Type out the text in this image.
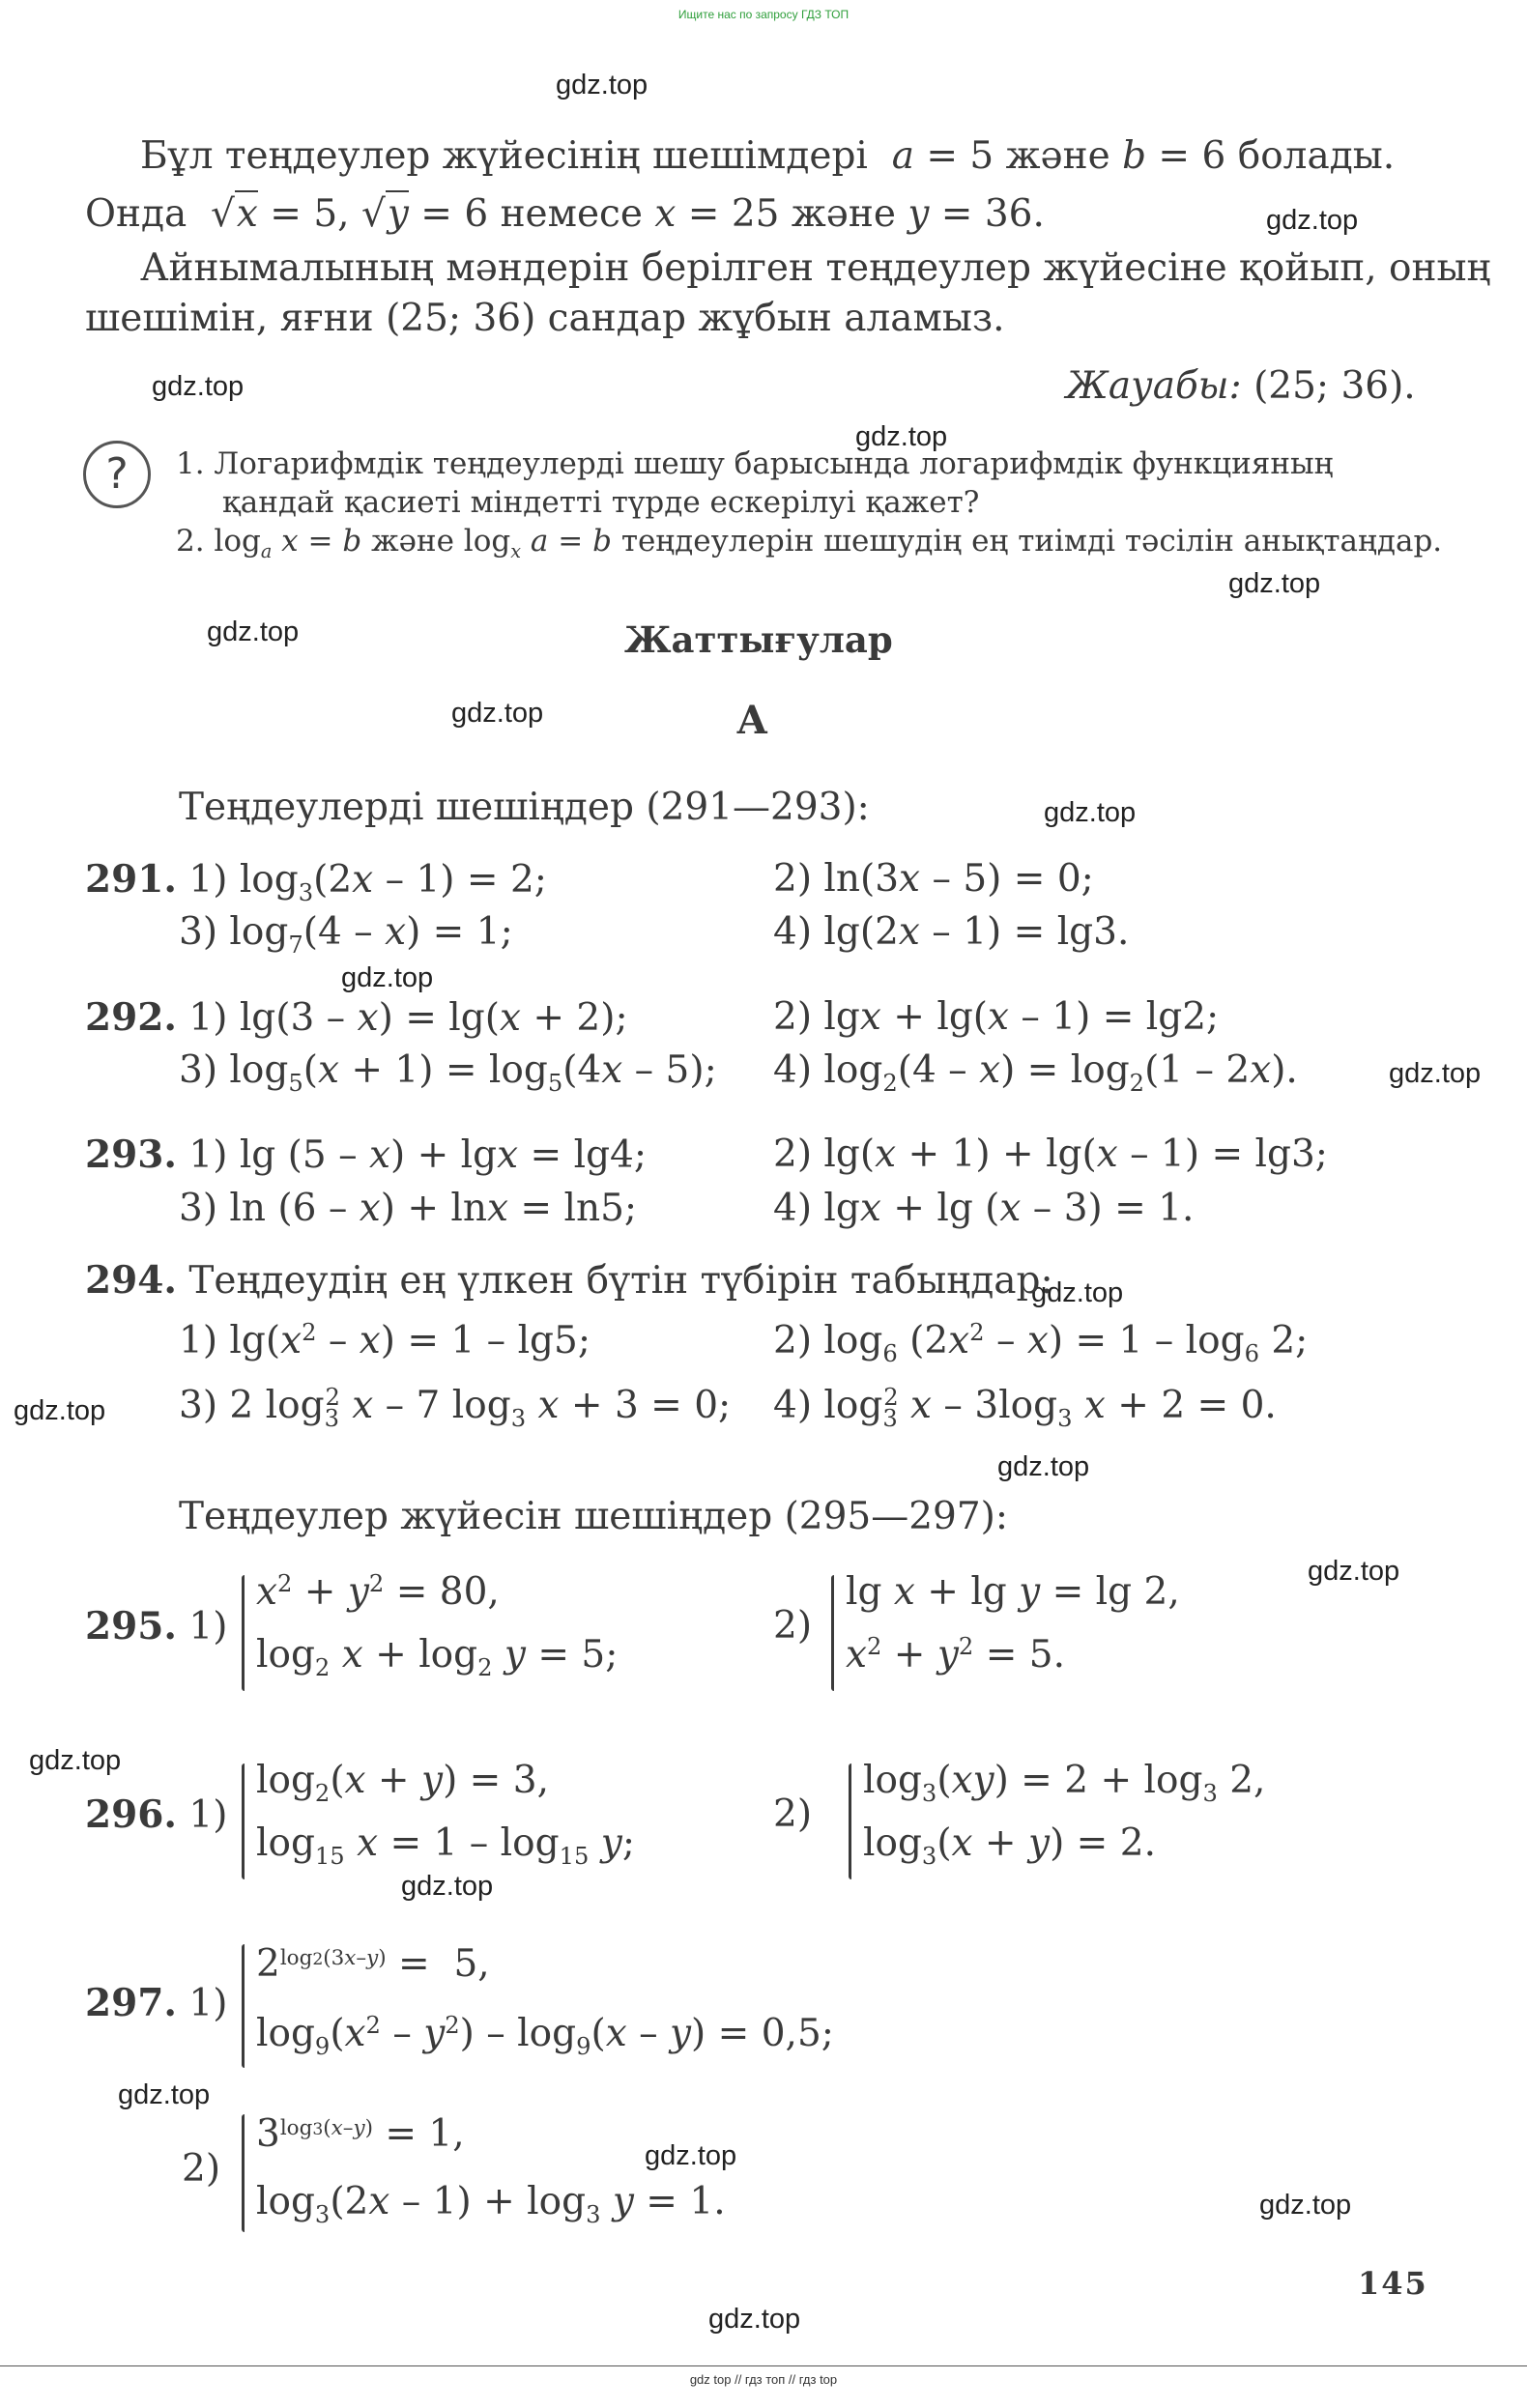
Ищите нас по запросу ГДЗ ТОП
gdz.top
gdz.top
gdz.top
gdz.top
gdz.top
gdz.top
gdz.top
gdz.top
gdz.top
gdz.top
gdz.top
gdz.top
gdz.top
gdz.top
gdz.top
gdz.top
gdz.top
gdz.top
gdz.top
gdz.top
Бұл теңдеулер жүйесінің шешімдері a = 5 және b = 6 болады.
Онда  √x = 5, √y = 6 немесе x = 25 және y = 36.
Айнымалының мәндерін берілген теңдеулер жүйесіне қойып, оның
шешімін, яғни (25; 36) сандар жұбын аламыз.
Жауабы: (25; 36).
?	1. Логарифмдік теңдеулерді шешу барысында логарифмдік функцияның
қандай қасиеті міндетті түрде ескерілуі қажет?
2. $\log_a x = b$ және $\log_x a = b$ теңдеулерін шешудің ең тиімді тәсілін анықтаңдар.
Жаттығулар
А
Теңдеулерді шешіңдер (291—293):
291. 1) $\log_3(2x - 1) = 2$;	2) ln(3x – 5) = 0;
3) $\log_7(4 - x) = 1$;	4) lg(2x – 1) = lg3.
292. 1) lg(3 – x) = lg(x + 2);	2) lgx + lg(x – 1) = lg2;
3) $\log_5(x + 1) = \log_5(4x - 5)$; 4) $\log_2(4 - x) = \log_2(1 - 2x)$.
293. 1) lg (5 – x) + lgx = lg4;	2) lg(x + 1) + lg(x – 1) = lg3;
3) ln (6 – x) + lnx = ln5;	4) lgx + lg (x – 3) = 1.
294. Теңдеудің ең үлкен бүтін түбірін табыңдар:
1) $\lg(x^2 - x) = 1 - \lg 5$;	2) $\log_6 (2x^2 - x) = 1 - \log_6 2$;
3) 2 $\log_3^2 x - 7$ $\log_3 x + 3 = 0$; 4) $\log_3^2 x - 3\log_3$ x + 2 = 0.
Теңдеулер жүйесін шешіңдер (295—297):
295. 1)
$x^2 + y^2 = 80$,
$\log_2 x + \log_2 y = 5$;
2)
lg x + lg y = lg 2,
$x^2 + y^2 = 5$.
296. 1)
$\log_2(x + y) = 3$,
$\log_{15} x = 1 - \log_{15} y$;
2)
$\log_3(xy) = 2 + \log_3 2$,
$\log_3(x + y) = 2$.
297. 1)
$2^{log2(3x-y)} = 5$,
$\log_9(x^2 - y^2) - \log_9(x - y) = 0,5$;
2)
$3^{log3(x-y)} = 1$,
$\log_3(2x - 1) + \log_3 y = 1$.
145
gdz top // гдз топ // гдз top
